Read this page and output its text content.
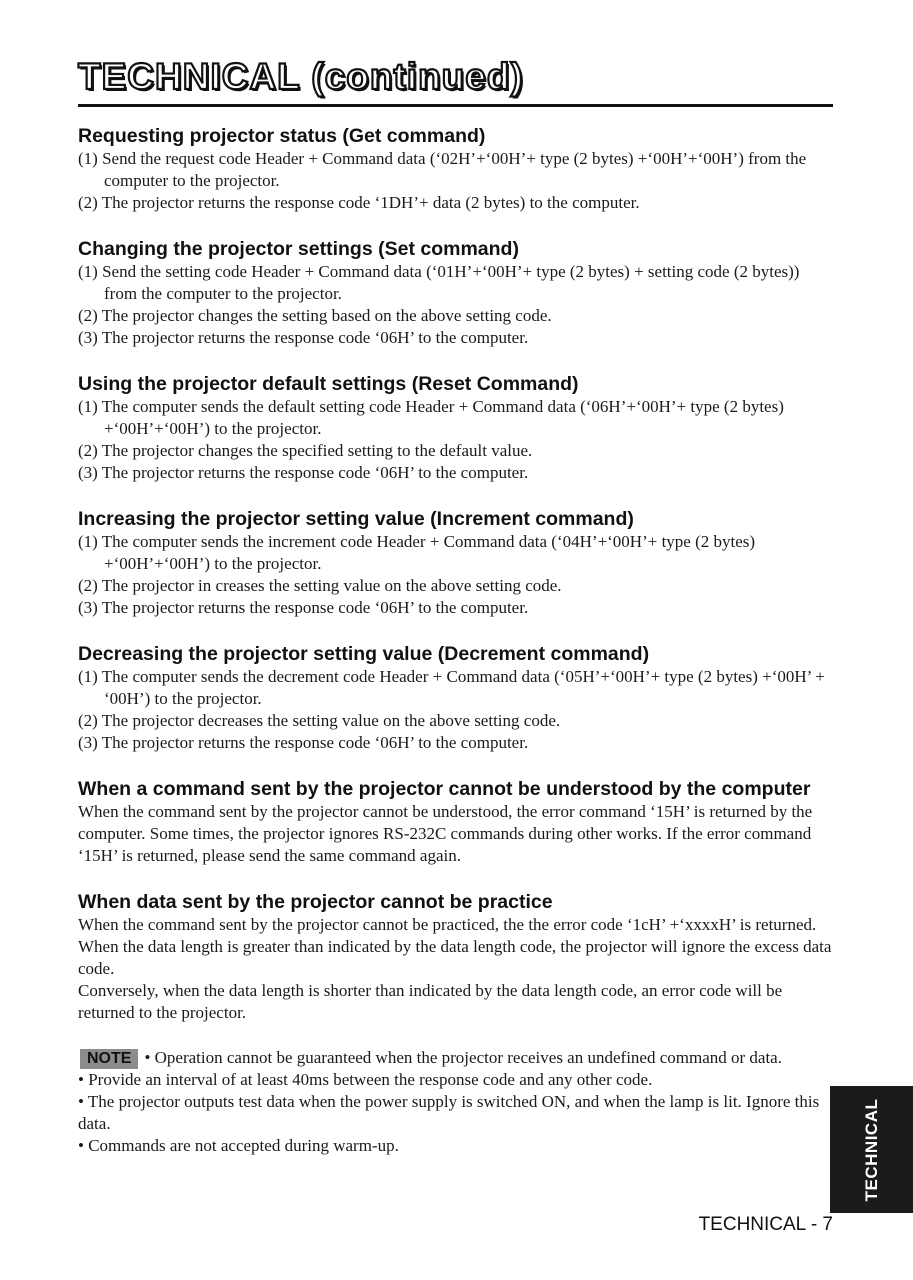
TECHNICAL (continued)
Requesting projector status (Get command)

(1) Send the request code Header + Command data (‘02H’+‘00H’+ type (2 bytes) +‘00H’+‘00H’) from the computer to the projector.

(2) The projector returns the response code ‘1DH’+ data (2 bytes) to the computer.

Changing the projector settings (Set command)

(1) Send the setting code Header + Command data (‘01H’+‘00H’+ type (2 bytes) + setting code (2 bytes)) from the computer to the projector.

(2) The projector changes the setting based on the above setting code.

(3) The projector returns the response code ‘06H’ to the computer.

Using the projector default settings (Reset Command)

(1) The computer sends the default setting code Header + Command data (‘06H’+‘00H’+ type (2 bytes) +‘00H’+‘00H’) to the projector.

(2) The projector changes the specified setting to the default value.

(3) The projector returns the response code ‘06H’ to the computer.

Increasing the projector setting value (Increment command)

(1) The computer sends the increment code Header + Command data (‘04H’+‘00H’+ type (2 bytes) +‘00H’+‘00H’) to the projector.

(2) The projector in creases the setting value on the above setting code.

(3) The projector returns the response code ‘06H’ to the computer.

Decreasing the projector setting value (Decrement command)

(1) The computer sends the decrement code Header + Command data (‘05H’+‘00H’+ type (2 bytes) +‘00H’ + ‘00H’) to the projector.

(2) The projector decreases the setting value on the above setting code.

(3) The projector returns the response code ‘06H’ to the computer.

When a command sent by the projector cannot be understood by the computer

When the command sent by the projector cannot be understood, the error command ‘15H’ is returned by the computer. Some times, the projector ignores RS-232C commands during other works. If the error command ‘15H’ is returned, please send the same command again.

When data sent by the projector cannot be practice

When the command sent by the projector cannot be practiced, the the error code ‘1cH’ +‘xxxxH’ is returned.

When the data length is greater than indicated by the data length code, the projector will ignore the excess data code.

Conversely, when the data length is shorter than indicated by the data length code, an error code will be returned to the projector.

NOTE • Operation cannot be guaranteed when the projector receives an undefined command or data.

• Provide an interval of at least 40ms between the response code and any other code.

• The projector outputs test data when the power supply is switched ON, and when the lamp is lit. Ignore this data.

• Commands are not accepted during warm-up.	TECHNICAL
TECHNICAL - 7
